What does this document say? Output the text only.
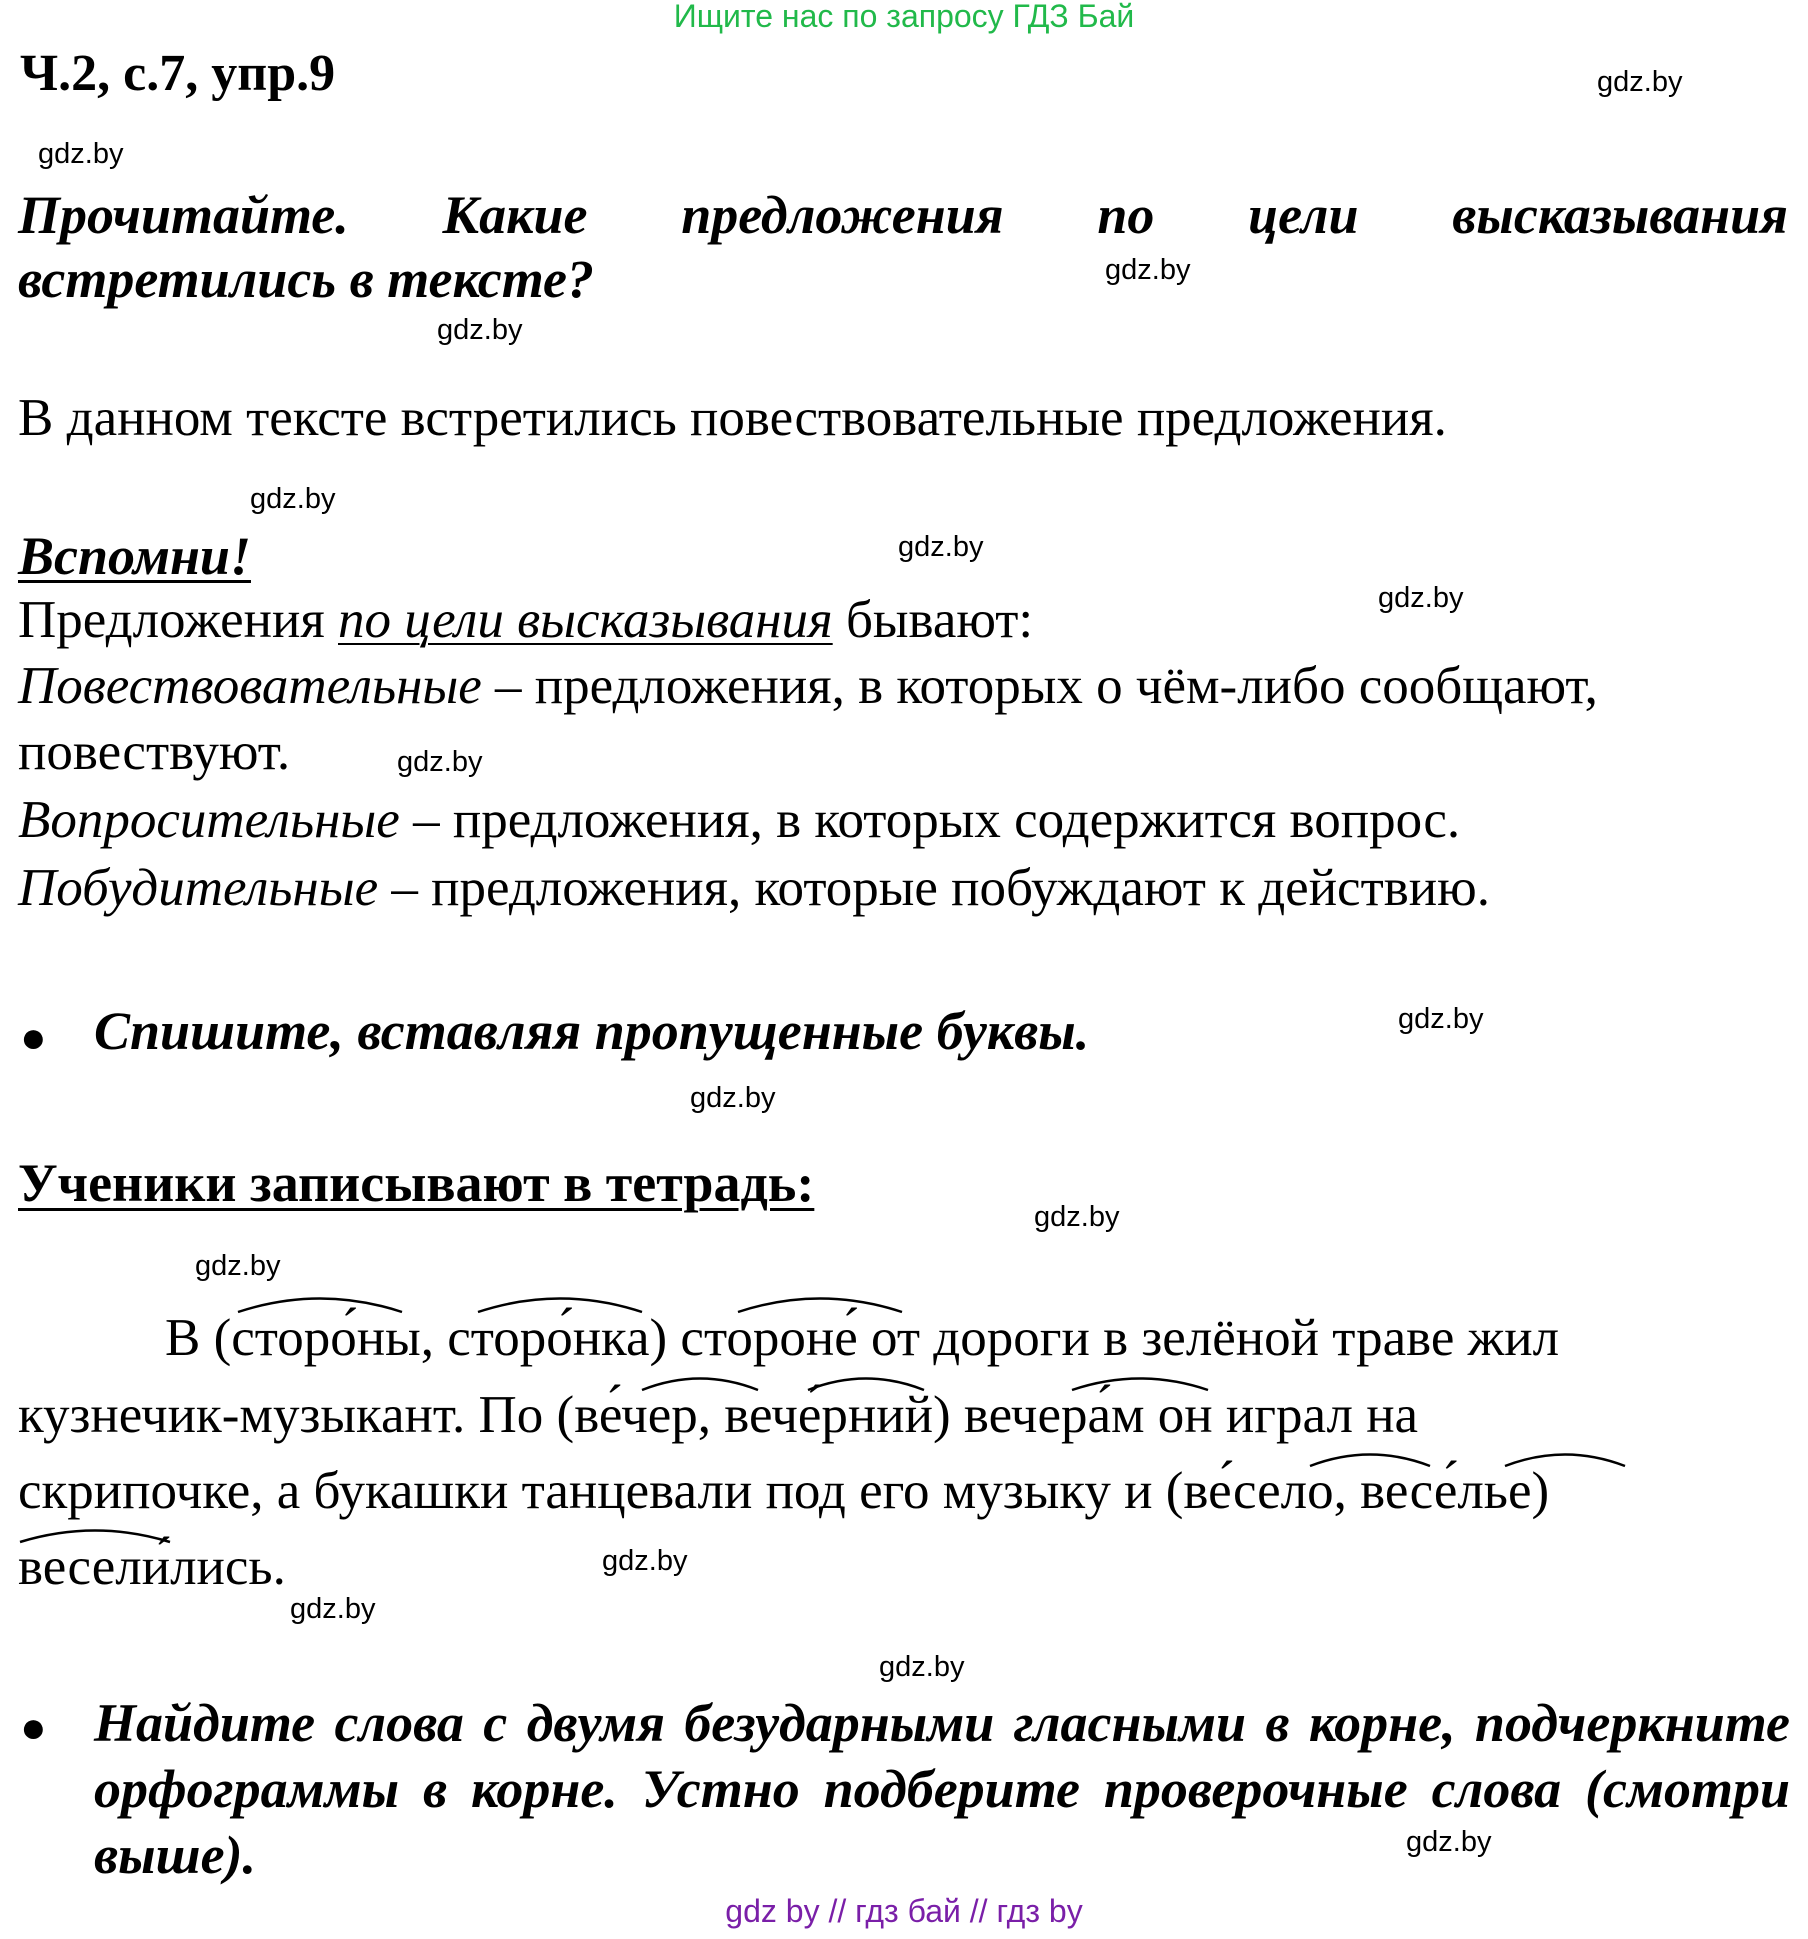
Ищите нас по запросу ГДЗ Бай
Ч.2, с.7, упр.9
Прочитайте. Какие предложения по цели высказывания
встретились в тексте?
В данном тексте встретились повествовательные предложения.
Вспомни!
Предложения по цели высказывания бывают:
Повествовательные – предложения, в которых о чём-либо сообщают,
повествуют.
Вопросительные – предложения, в которых содержится вопрос.
Побудительные – предложения, которые побуждают к действию.
● Спишите, вставляя пропущенные буквы.
Ученики записывают в тетрадь:
В (сторо́ны, сторо́нка) стороне́ от дороги в зелёной траве жил
кузнечик-музыкант. По (ве́чер, вече́рний) вечера́м он играл на
скрипочке, а букашки танцевали под его музыку и (ве́село, весе́лье)
весели́лись.
● Найдите слова с двумя безударными гласными в корне, подчеркните орфограммы в корне. Устно подберите проверочные слова (смотри выше).
gdz.by
gdz.by
gdz.by
gdz.by
gdz.by
gdz.by
gdz.by
gdz.by
gdz.by
gdz.by
gdz.by
gdz.by
gdz.by
gdz.by
gdz.by
gdz.by
gdz by // гдз бай // гдз by
